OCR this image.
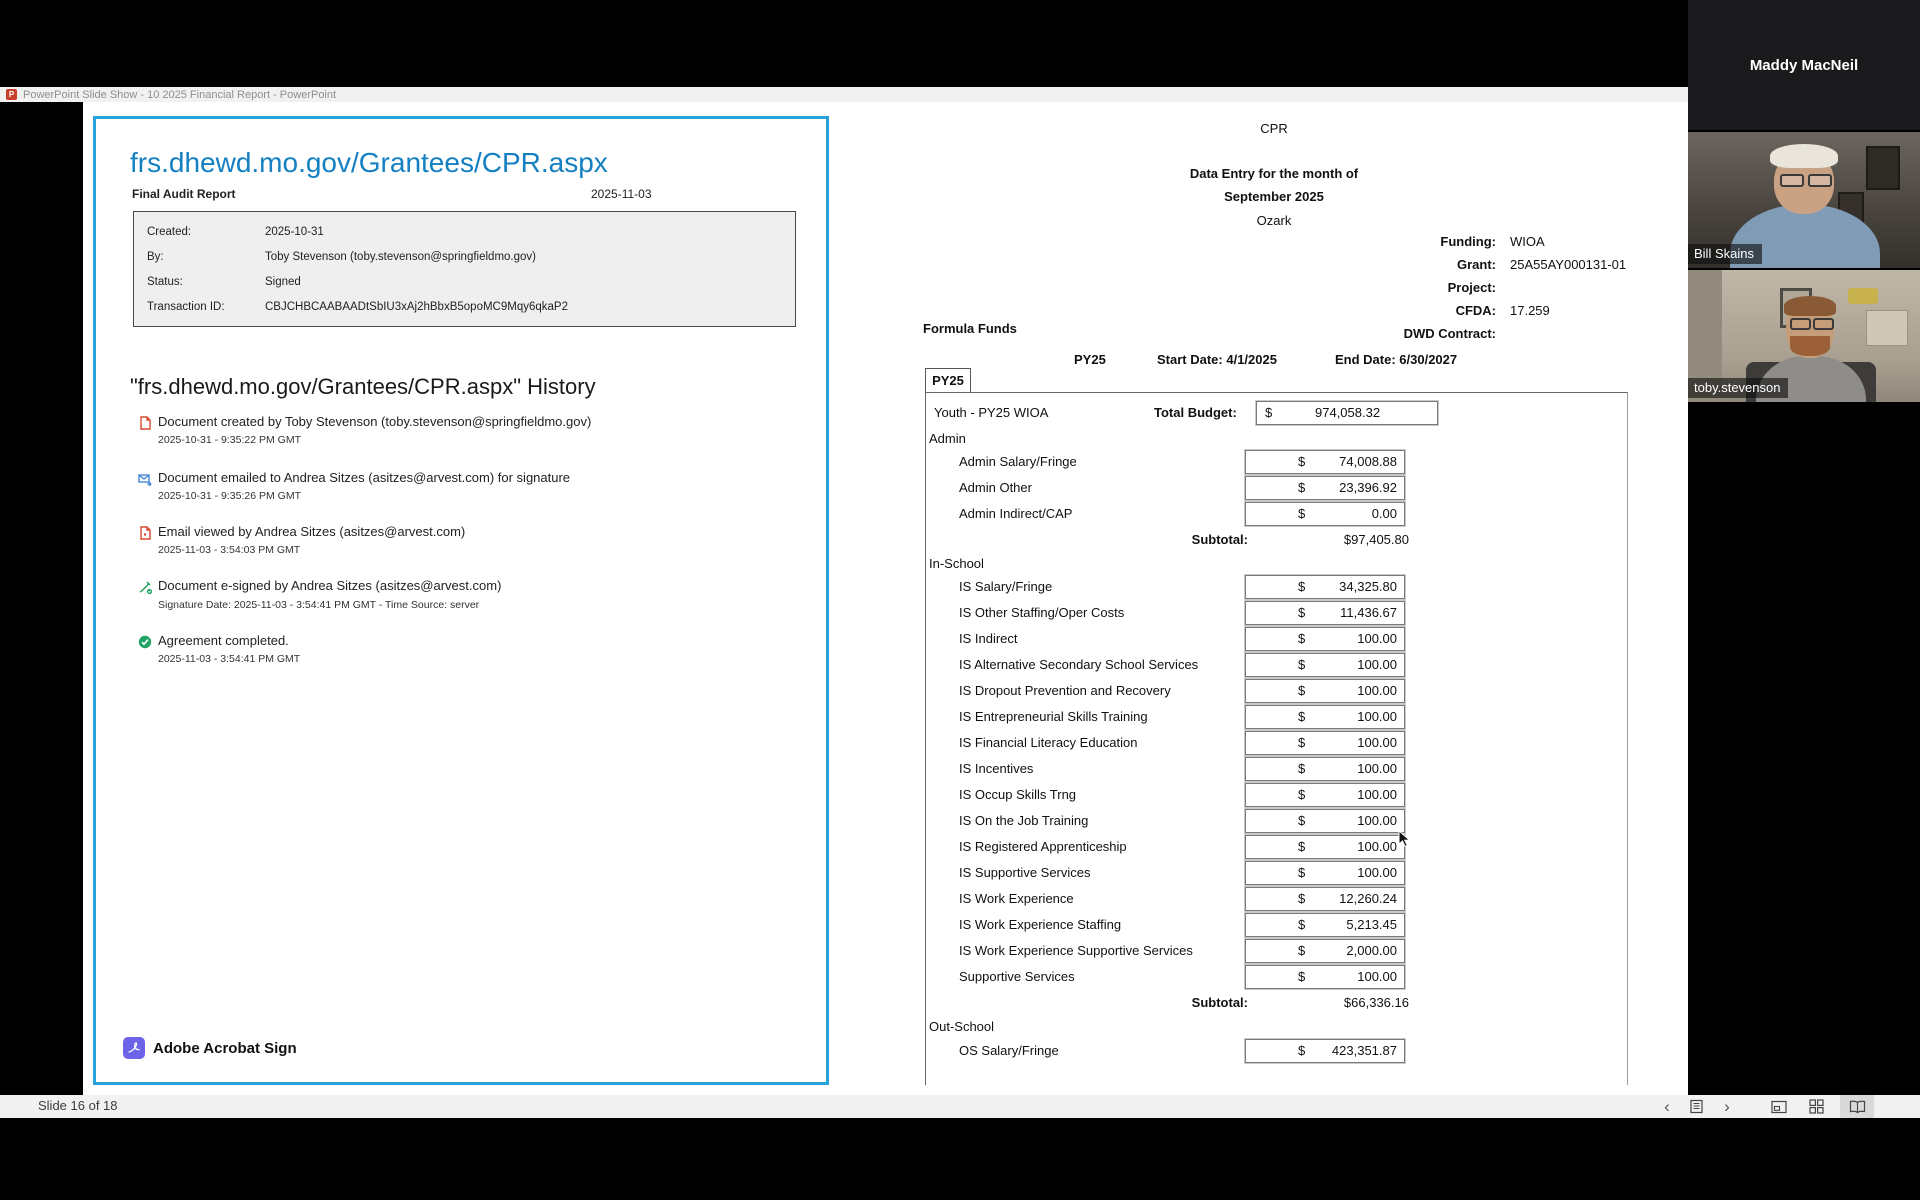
P PowerPoint Slide Show - 10 2025 Financial Report - PowerPoint
frs.dhewd.mo.gov/Grantees/CPR.aspx
Final Audit Report	2025-11-03
Created:	2025-10-31
By:	Toby Stevenson (toby.stevenson@springfieldmo.gov)
Status:	Signed
Transaction ID:	CBJCHBCAABAADtSbIU3xAj2hBbxB5opoMC9Mqy6qkaP2
"frs.dhewd.mo.gov/Grantees/CPR.aspx" History
Document created by Toby Stevenson (toby.stevenson@springfieldmo.gov)
2025-10-31 - 9:35:22 PM GMT
Document emailed to Andrea Sitzes (asitzes@arvest.com) for signature
2025-10-31 - 9:35:26 PM GMT
Email viewed by Andrea Sitzes (asitzes@arvest.com)
2025-11-03 - 3:54:03 PM GMT
Document e-signed by Andrea Sitzes (asitzes@arvest.com)
Signature Date: 2025-11-03 - 3:54:41 PM GMT - Time Source: server
Agreement completed.
2025-11-03 - 3:54:41 PM GMT
Adobe Acrobat Sign
CPR
Data Entry for the month of
September 2025
Ozark
Funding: WIOA
Grant: 25A55AY000131-01
Project:
CFDA: 17.259
DWD Contract:
Formula Funds
PY25	Start Date: 4/1/2025	End Date: 6/30/2027
PY25
Youth - PY25 WIOA	Total Budget: $	974,058.32
Admin
Admin Salary/Fringe	$	74,008.88
Admin Other	$	23,396.92
Admin Indirect/CAP	$	0.00
Subtotal:	$97,405.80
In-School
IS Salary/Fringe	$	34,325.80
IS Other Staffing/Oper Costs	$	11,436.67
IS Indirect	$	100.00
IS Alternative Secondary School Services	$	100.00
IS Dropout Prevention and Recovery	$	100.00
IS Entrepreneurial Skills Training	$	100.00
IS Financial Literacy Education	$	100.00
IS Incentives	$	100.00
IS Occup Skills Trng	$	100.00
IS On the Job Training	$	100.00
IS Registered Apprenticeship	$	100.00
IS Supportive Services	$	100.00
IS Work Experience	$	12,260.24
IS Work Experience Staffing	$	5,213.45
IS Work Experience Supportive Services	$	2,000.00
Supportive Services	$	100.00
Subtotal:	$66,336.16
Out-School
OS Salary/Fringe	$ 423,351.87
Slide 16 of 18	‹	›
Maddy MacNeil
Bill Skains
toby.stevenson
